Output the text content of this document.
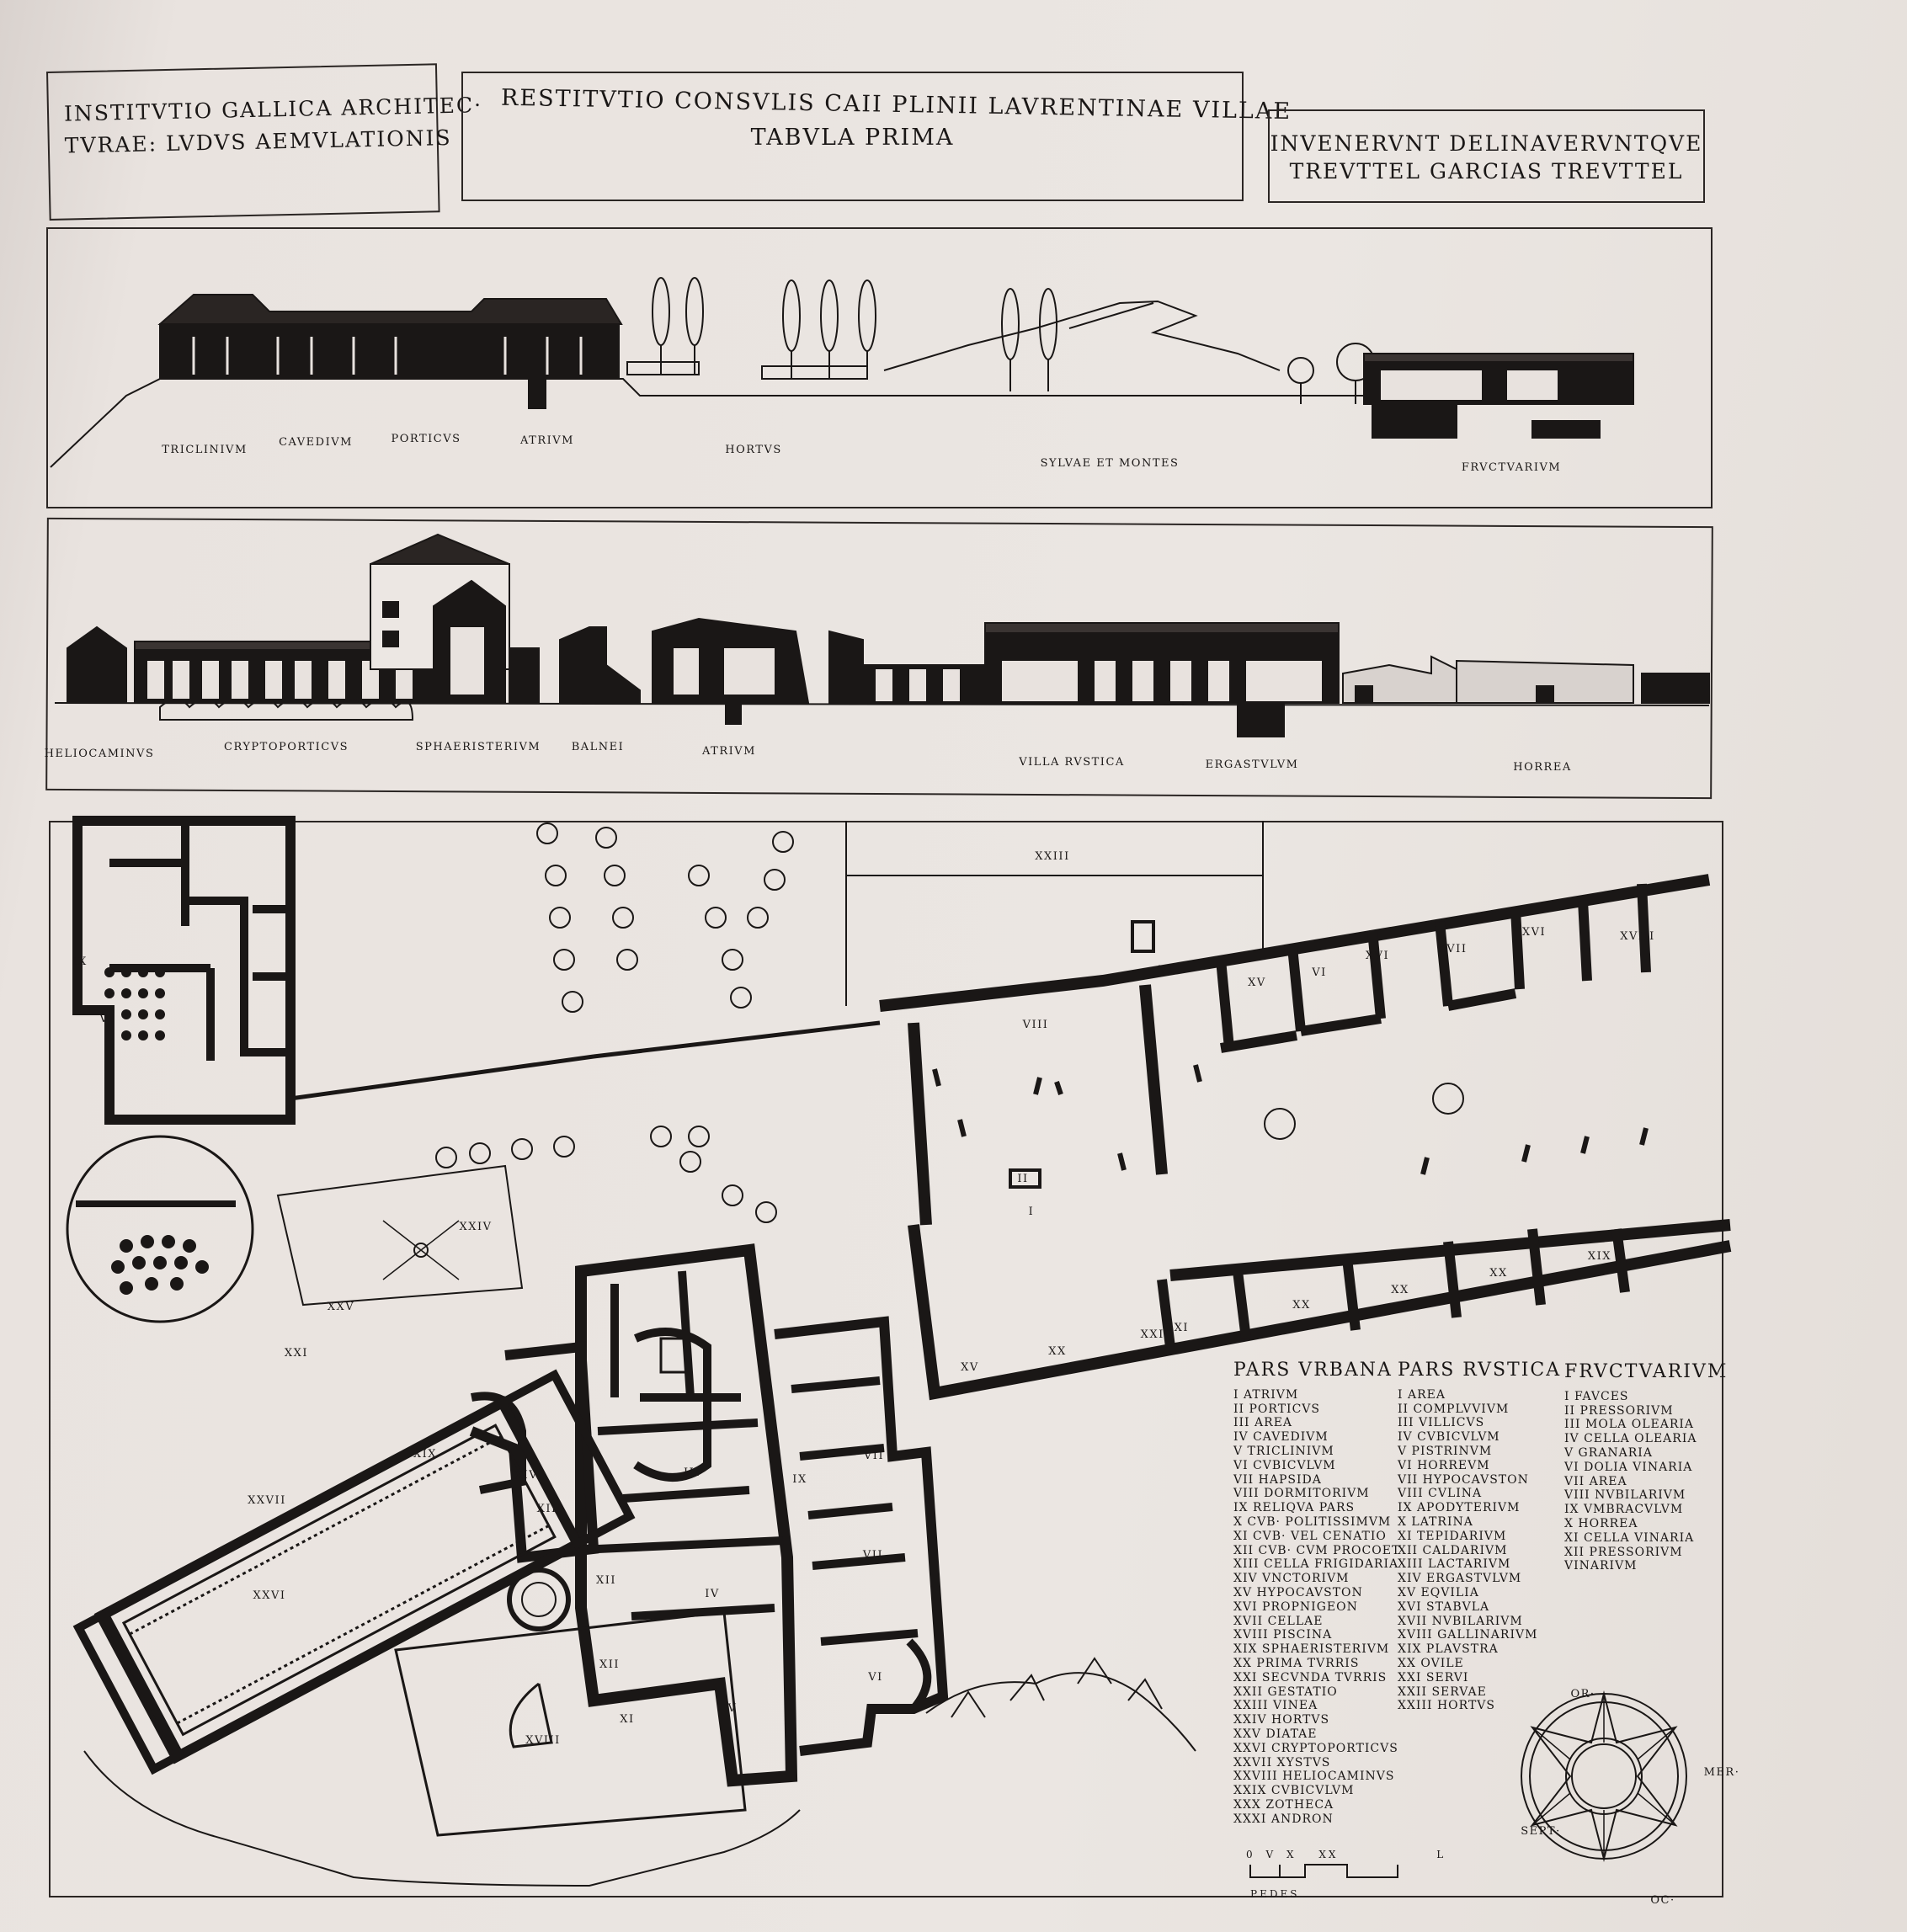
INSTITVTIO GALLICA ARCHITEC·
TVRAE: LVDVS AEMVLATIONIS
RESTITVTIO CONSVLIS CAII PLINII LAVRENTINAE VILLAE
TABVLA PRIMA	INVENERVNT DELINAVERVNTQVE
TREVTTEL GARCIAS TREVTTEL
TRICLINIVM
CAVEDIVM	PORTICVS	ATRIVM
HORTVS
SYLVAE ET MONTES	FRVCTVARIVM
HELIOCAMINVS
CRYPTOPORTICVS	SPHAERISTERIVM	BALNEI	ATRIVM
VILLA RVSTICA	ERGASTVLVM	HORREA
XXIII
XVIII
XVI
XVII
XVI
XV
VI
XIX
XX
XX
XX
XXI
XXII
XV
XX
II
I
XXIV
XXV
XXI
XXVII
XXVI
XIX
III
IX
VII
VI
IV
V
XI
XII
XIII
XIV
XVIII
VIII
VII
IX
VI
VI
XII
PARS VRBANA
I ATRIVM
II PORTICVS
III AREA
IV CAVEDIVM
V TRICLINIVM
VI CVBICVLVM
VII HAPSIDA
VIII DORMITORIVM
IX RELIQVA PARS
X CVB· POLITISSIMVM
XI CVB· VEL CENATIO
XII CVB· CVM PROCOET·
XIII CELLA FRIGIDARIA
XIV VNCTORIVM
XV HYPOCAVSTON
XVI PROPNIGEON
XVII CELLAE
XVIII PISCINA
XIX SPHAERISTERIVM
XX PRIMA TVRRIS
XXI SECVNDA TVRRIS
XXII GESTATIO
XXIII VINEA
XXIV HORTVS
XXV DIATAE
XXVI CRYPTOPORTICVS
XXVII XYSTVS
XXVIII HELIOCAMINVS
XXIX CVBICVLVM
XXX ZOTHECA
XXXI ANDRON
PARS RVSTICA
I AREA
II COMPLVVIVM
III VILLICVS
IV CVBICVLVM
V PISTRINVM
VI HORREVM
VII HYPOCAVSTON
VIII CVLINA
IX APODYTERIVM
X LATRINA
XI TEPIDARIVM
XII CALDARIVM
XIII LACTARIVM
XIV ERGASTVLVM
XV EQVILIA
XVI STABVLA
XVII NVBILARIVM
XVIII GALLINARIVM
XIX PLAVSTRA
XX OVILE
XXI SERVI
XXII SERVAE
XXIII HORTVS
FRVCTVARIVM
I FAVCES
II PRESSORIVM
III MOLA OLEARIA
IV CELLA OLEARIA
V GRANARIA
VI DOLIA VINARIA
VII AREA
VIII NVBILARIVM
IX VMBRACVLVM
X HORREA
XI CELLA VINARIA
XII PRESSORIVM
VINARIVM
0 V X XX	L
PEDES
OR·
MER·
OC·
SEPT·
